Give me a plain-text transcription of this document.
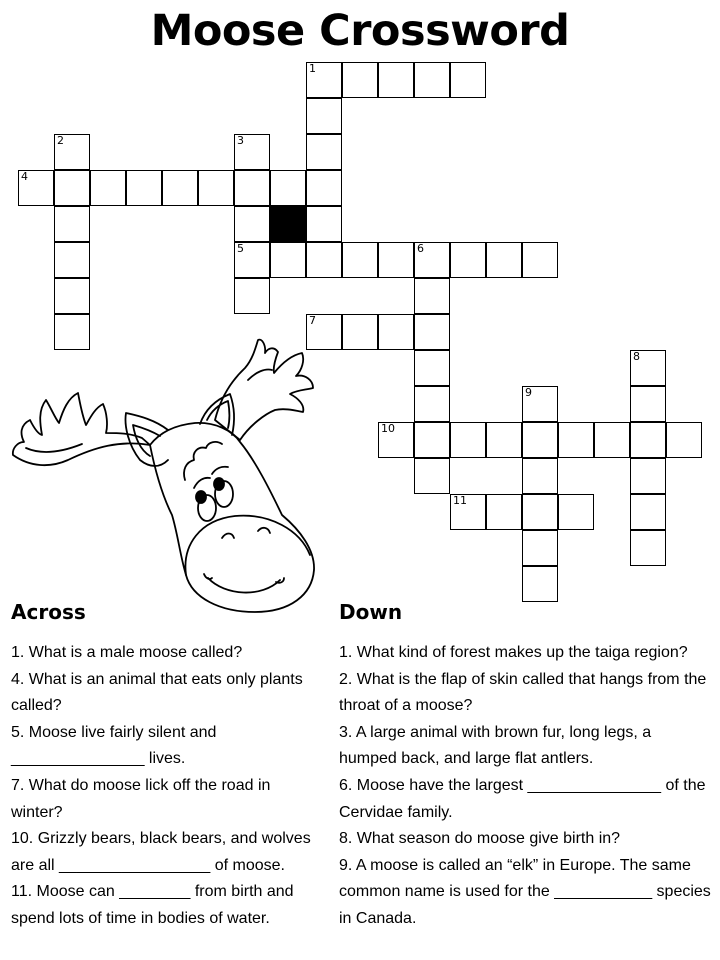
Moose Crossword
1
2	3
4
5	6
7
8
9
10
11
Across

1. What is a male moose called?

4. What is an animal that eats only plants called?

5. Moose live fairly silent and _______________ lives.

7. What do moose lick off the road in winter?

10. Grizzly bears, black bears, and wolves are all _________________ of moose.

11. Moose can ________ from birth and spend lots of time in bodies of water.

Down

1. What kind of forest makes up the taiga region?

2. What is the flap of skin called that hangs from the throat of a moose?

3. A large animal with brown fur, long legs, a humped back, and large flat antlers.

6. Moose have the largest _______________ of the Cervidae family.

8. What season do moose give birth in?

9. A moose is called an “elk” in Europe. The same common name is used for the ___________ species in Canada.
